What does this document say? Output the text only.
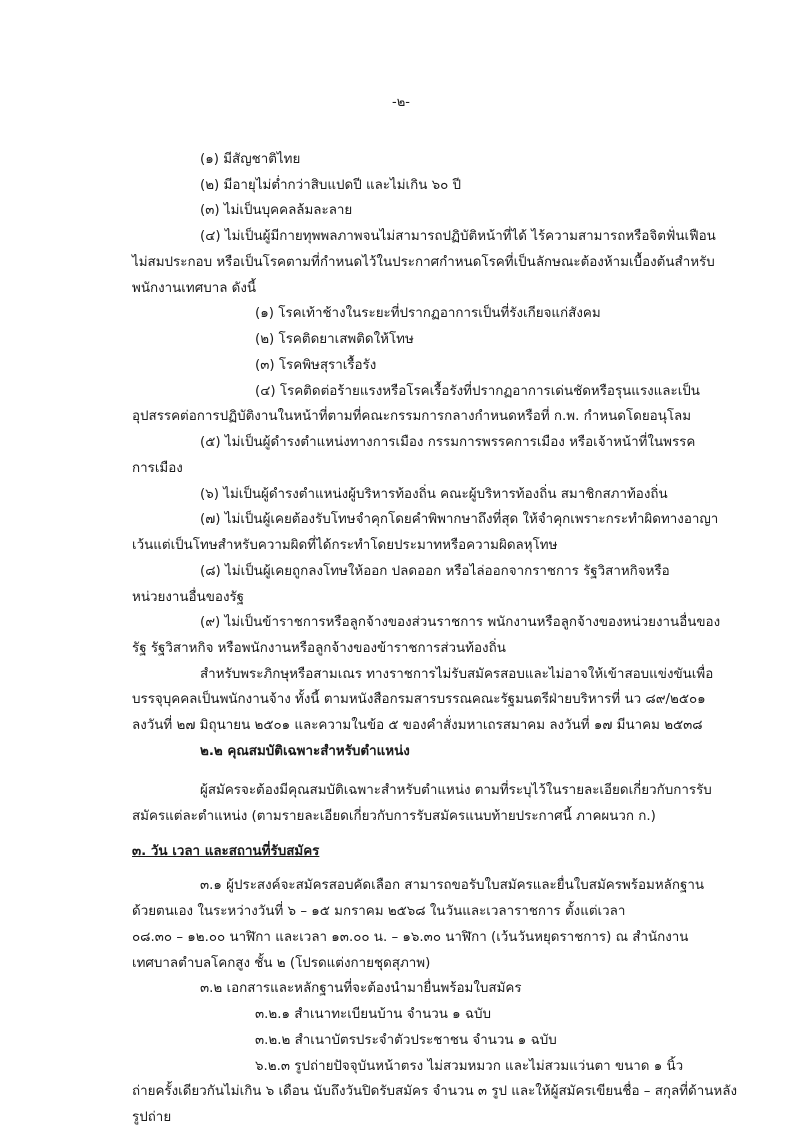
-๒-
(๑) มีสัญชาติไทย
(๒) มีอายุไม่ต่ำกว่าสิบแปดปี และไม่เกิน ๖๐ ปี
(๓) ไม่เป็นบุคคลล้มละลาย
(๔) ไม่เป็นผู้มีกายทุพพลภาพจนไม่สามารถปฏิบัติหน้าที่ได้ ไร้ความสามารถหรือจิตฟั่นเฟือน
ไม่สมประกอบ หรือเป็นโรคตามที่กำหนดไว้ในประกาศกำหนดโรคที่เป็นลักษณะต้องห้ามเบื้องต้นสำหรับ
พนักงานเทศบาล ดังนี้
(๑) โรคเท้าช้างในระยะที่ปรากฏอาการเป็นที่รังเกียจแก่สังคม
(๒) โรคติดยาเสพติดให้โทษ
(๓) โรคพิษสุราเรื้อรัง
(๔) โรคติดต่อร้ายแรงหรือโรคเรื้อรังที่ปรากฏอาการเด่นชัดหรือรุนแรงและเป็น
อุปสรรคต่อการปฏิบัติงานในหน้าที่ตามที่คณะกรรมการกลางกำหนดหรือที่ ก.พ. กำหนดโดยอนุโลม
(๕) ไม่เป็นผู้ดำรงตำแหน่งทางการเมือง กรรมการพรรคการเมือง หรือเจ้าหน้าที่ในพรรค
การเมือง
(๖) ไม่เป็นผู้ดำรงตำแหน่งผู้บริหารท้องถิ่น คณะผู้บริหารท้องถิ่น สมาชิกสภาท้องถิ่น
(๗) ไม่เป็นผู้เคยต้องรับโทษจำคุกโดยคำพิพากษาถึงที่สุด ให้จำคุกเพราะกระทำผิดทางอาญา
เว้นแต่เป็นโทษสำหรับความผิดที่ได้กระทำโดยประมาทหรือความผิดลหุโทษ
(๘) ไม่เป็นผู้เคยถูกลงโทษให้ออก ปลดออก หรือไล่ออกจากราชการ รัฐวิสาหกิจหรือ
หน่วยงานอื่นของรัฐ
(๙) ไม่เป็นข้าราชการหรือลูกจ้างของส่วนราชการ พนักงานหรือลูกจ้างของหน่วยงานอื่นของ
รัฐ รัฐวิสาหกิจ หรือพนักงานหรือลูกจ้างของข้าราชการส่วนท้องถิ่น
สำหรับพระภิกษุหรือสามเณร ทางราชการไม่รับสมัครสอบและไม่อาจให้เข้าสอบแข่งขันเพื่อ
บรรจุบุคคลเป็นพนักงานจ้าง ทั้งนี้ ตามหนังสือกรมสารบรรณคณะรัฐมนตรีฝ่ายบริหารที่ นว ๘๙/๒๕๐๑
ลงวันที่ ๒๗ มิถุนายน ๒๕๐๑ และความในข้อ ๕ ของคำสั่งมหาเถรสมาคม ลงวันที่ ๑๗ มีนาคม ๒๕๓๘
๒.๒ คุณสมบัติเฉพาะสำหรับตำแหน่ง
ผู้สมัครจะต้องมีคุณสมบัติเฉพาะสำหรับตำแหน่ง ตามที่ระบุไว้ในรายละเอียดเกี่ยวกับการรับ
สมัครแต่ละตำแหน่ง (ตามรายละเอียดเกี่ยวกับการรับสมัครแนบท้ายประกาศนี้ ภาคผนวก ก.)
๓. วัน เวลา และสถานที่รับสมัคร
๓.๑ ผู้ประสงค์จะสมัครสอบคัดเลือก สามารถขอรับใบสมัครและยื่นใบสมัครพร้อมหลักฐาน
ด้วยตนเอง ในระหว่างวันที่ ๖ – ๑๕ มกราคม ๒๕๖๘ ในวันและเวลาราชการ ตั้งแต่เวลา
๐๘.๓๐ – ๑๒.๐๐ นาฬิกา และเวลา ๑๓.๐๐ น. – ๑๖.๓๐ นาฬิกา (เว้นวันหยุดราชการ) ณ สำนักงาน
เทศบาลตำบลโคกสูง ชั้น ๒ (โปรดแต่งกายชุดสุภาพ)
๓.๒ เอกสารและหลักฐานที่จะต้องนำมายื่นพร้อมใบสมัคร
๓.๒.๑ สำเนาทะเบียนบ้าน จำนวน ๑ ฉบับ
๓.๒.๒ สำเนาบัตรประจำตัวประชาชน จำนวน ๑ ฉบับ
๖.๒.๓ รูปถ่ายปัจจุบันหน้าตรง ไม่สวมหมวก และไม่สวมแว่นตา ขนาด ๑ นิ้ว
ถ่ายครั้งเดียวกันไม่เกิน ๖ เดือน นับถึงวันปิดรับสมัคร จำนวน ๓ รูป และให้ผู้สมัครเขียนชื่อ – สกุลที่ด้านหลัง
รูปถ่าย
